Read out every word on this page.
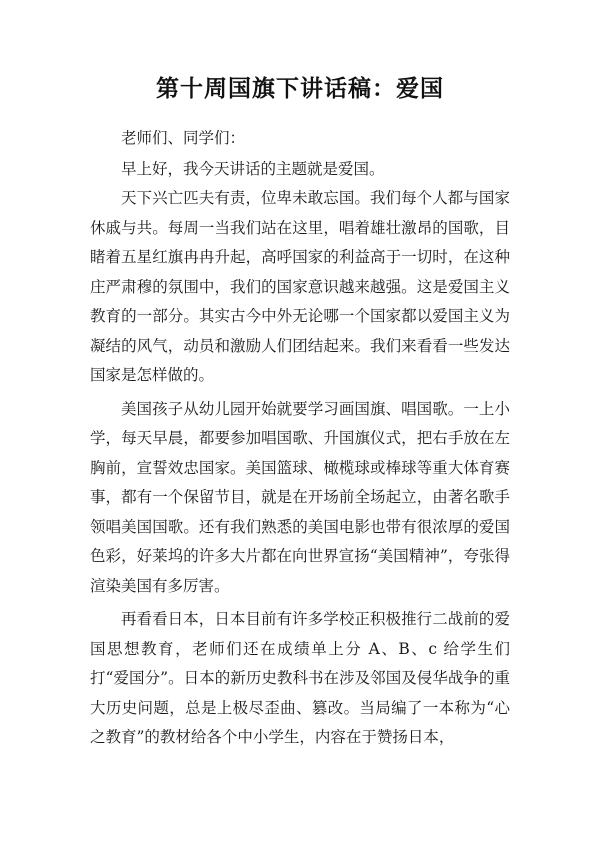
第十周国旗下讲话稿：爱国

老师们、同学们：

早上好，我今天讲话的主题就是爱国。

天下兴亡匹夫有责，位卑未敢忘国。我们每个人都与国家休戚与共。每周一当我们站在这里，唱着雄壮激昂的国歌，目睹着五星红旗冉冉升起，高呼国家的利益高于一切时，在这种庄严肃穆的氛围中，我们的国家意识越来越强。这是爱国主义教育的一部分。其实古今中外无论哪一个国家都以爱国主义为凝结的风气，动员和激励人们团结起来。我们来看看一些发达国家是怎样做的。

美国孩子从幼儿园开始就要学习画国旗、唱国歌。一上小学，每天早晨，都要参加唱国歌、升国旗仪式，把右手放在左胸前，宣誓效忠国家。美国篮球、橄榄球或棒球等重大体育赛事，都有一个保留节目，就是在开场前全场起立，由著名歌手领唱美国国歌。还有我们熟悉的美国电影也带有很浓厚的爱国色彩，好莱坞的许多大片都在向世界宣扬“美国精神”，夸张得渲染美国有多厉害。

再看看日本，日本目前有许多学校正积极推行二战前的爱国思想教育，老师们还在成绩单上分 A、B、c 给学生们打“爱国分”。日本的新历史教科书在涉及邻国及侵华战争的重大历史问题，总是上极尽歪曲、篡改。当局编了一本称为“心之教育”的教材给各个中小学生，内容在于赞扬日本，
